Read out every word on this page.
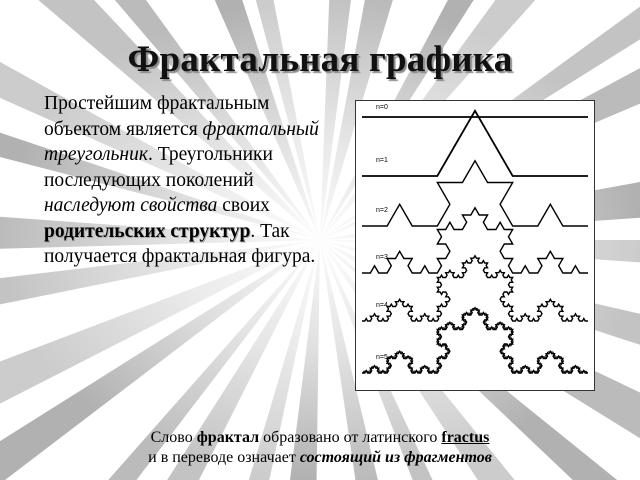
Фрактальная графика
Простейшим фрактальным объектом является фрактальный треугольник. Треугольники последующих поколений наследуют свойства своих родительских структур. Так получается фрактальная фигура.
n=0
n=1
n=2
n=3
n=4
n=5
Слово фрактал образовано от латинского fractus
и в переводе означает состоящий из фрагментов
